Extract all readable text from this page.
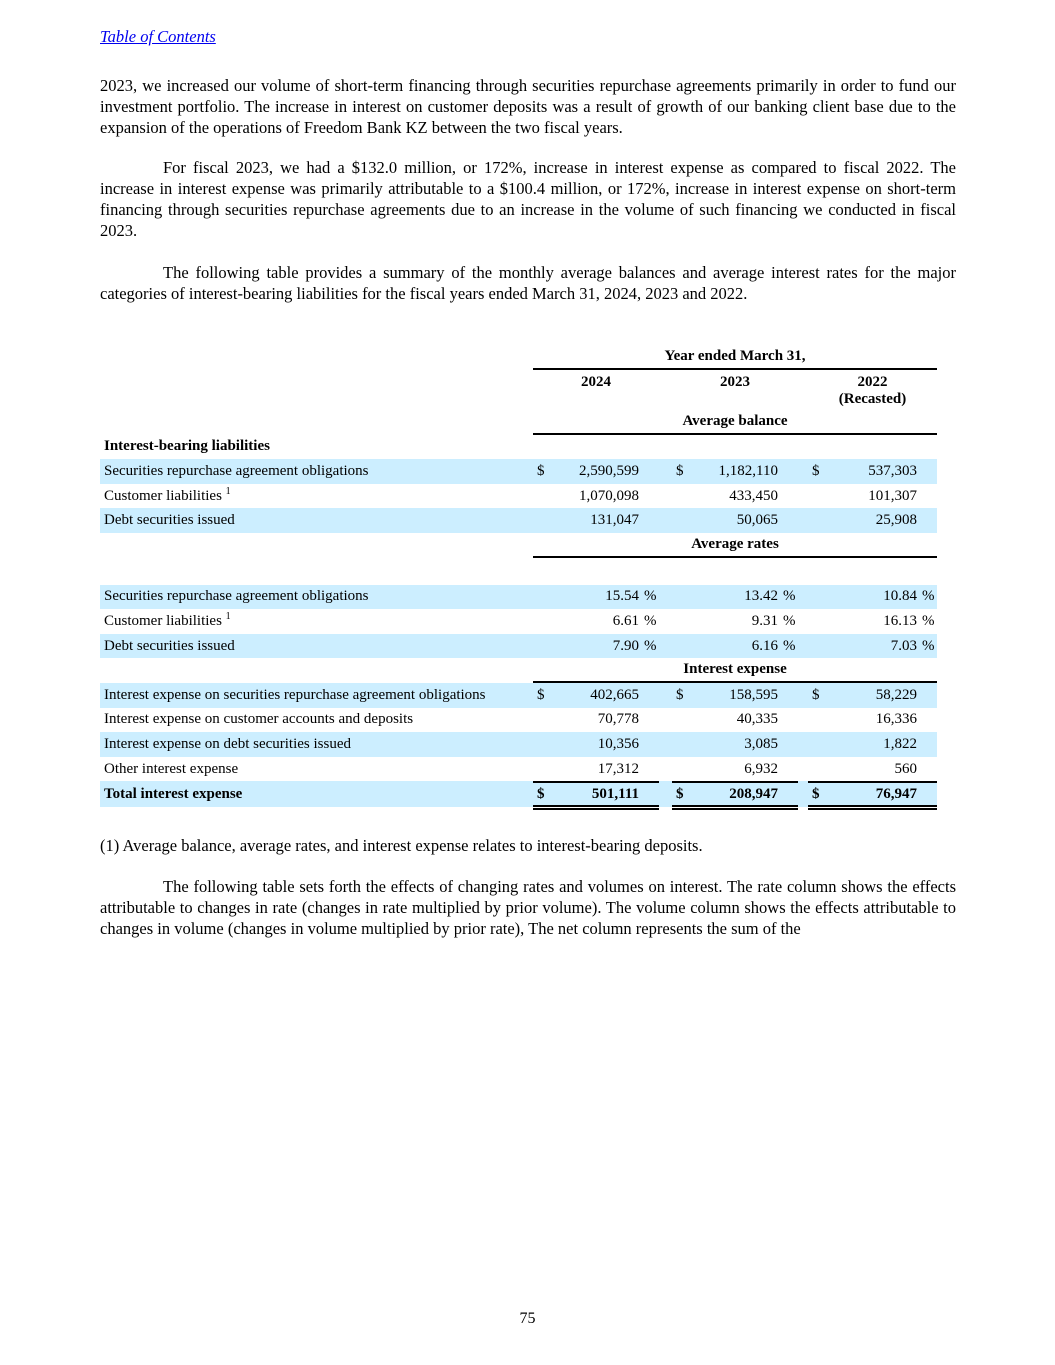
Table of Contents

2023, we increased our volume of short-term financing through securities repurchase agreements primarily in order to fund our investment portfolio. The increase in interest on customer deposits was a result of growth of our banking client base due to the expansion of the operations of Freedom Bank KZ between the two fiscal years.

For fiscal 2023, we had a $132.0 million, or 172%, increase in interest expense as compared to fiscal 2022. The increase in interest expense was primarily attributable to a $100.4 million, or 172%, increase in interest expense on short-term financing through securities repurchase agreements due to an increase in the volume of such financing we conducted in fiscal 2023.

The following table provides a summary of the monthly average balances and average interest rates for the major categories of interest-bearing liabilities for the fiscal years ended March 31, 2024, 2023 and 2022.

Year ended March 31,
2024	2023	2022
(Recasted)
Average balance
Interest-bearing liabilities
Securities repurchase agreement obligations	$	2,590,599 $	1,182,110 $	537,303
Customer liabilities $^1$	1,070,098	433,450	101,307
Debt securities issued	131,047	50,065	25,908
Average rates
Securities repurchase agreement obligations	15.54 %	13.42 %	10.84 %
Customer liabilities $^1$	6.61 %	9.31 %	16.13 %
Debt securities issued	7.90 %	6.16 %	7.03 %
Interest expense
Interest expense on securities repurchase agreement obligations	$	402,665 $	158,595 $	58,229
Interest expense on customer accounts and deposits	70,778	40,335	16,336
Interest expense on debt securities issued	10,356	3,085	1,822
Other interest expense	17,312	6,932	560
Total interest expense	$	501,111 $	208,947 $	76,947

(1) Average balance, average rates, and interest expense relates to interest-bearing deposits.

The following table sets forth the effects of changing rates and volumes on interest. The rate column shows the effects attributable to changes in rate (changes in rate multiplied by prior volume). The volume column shows the effects attributable to changes in volume (changes in volume multiplied by prior rate), The net column represents the sum of the

75
